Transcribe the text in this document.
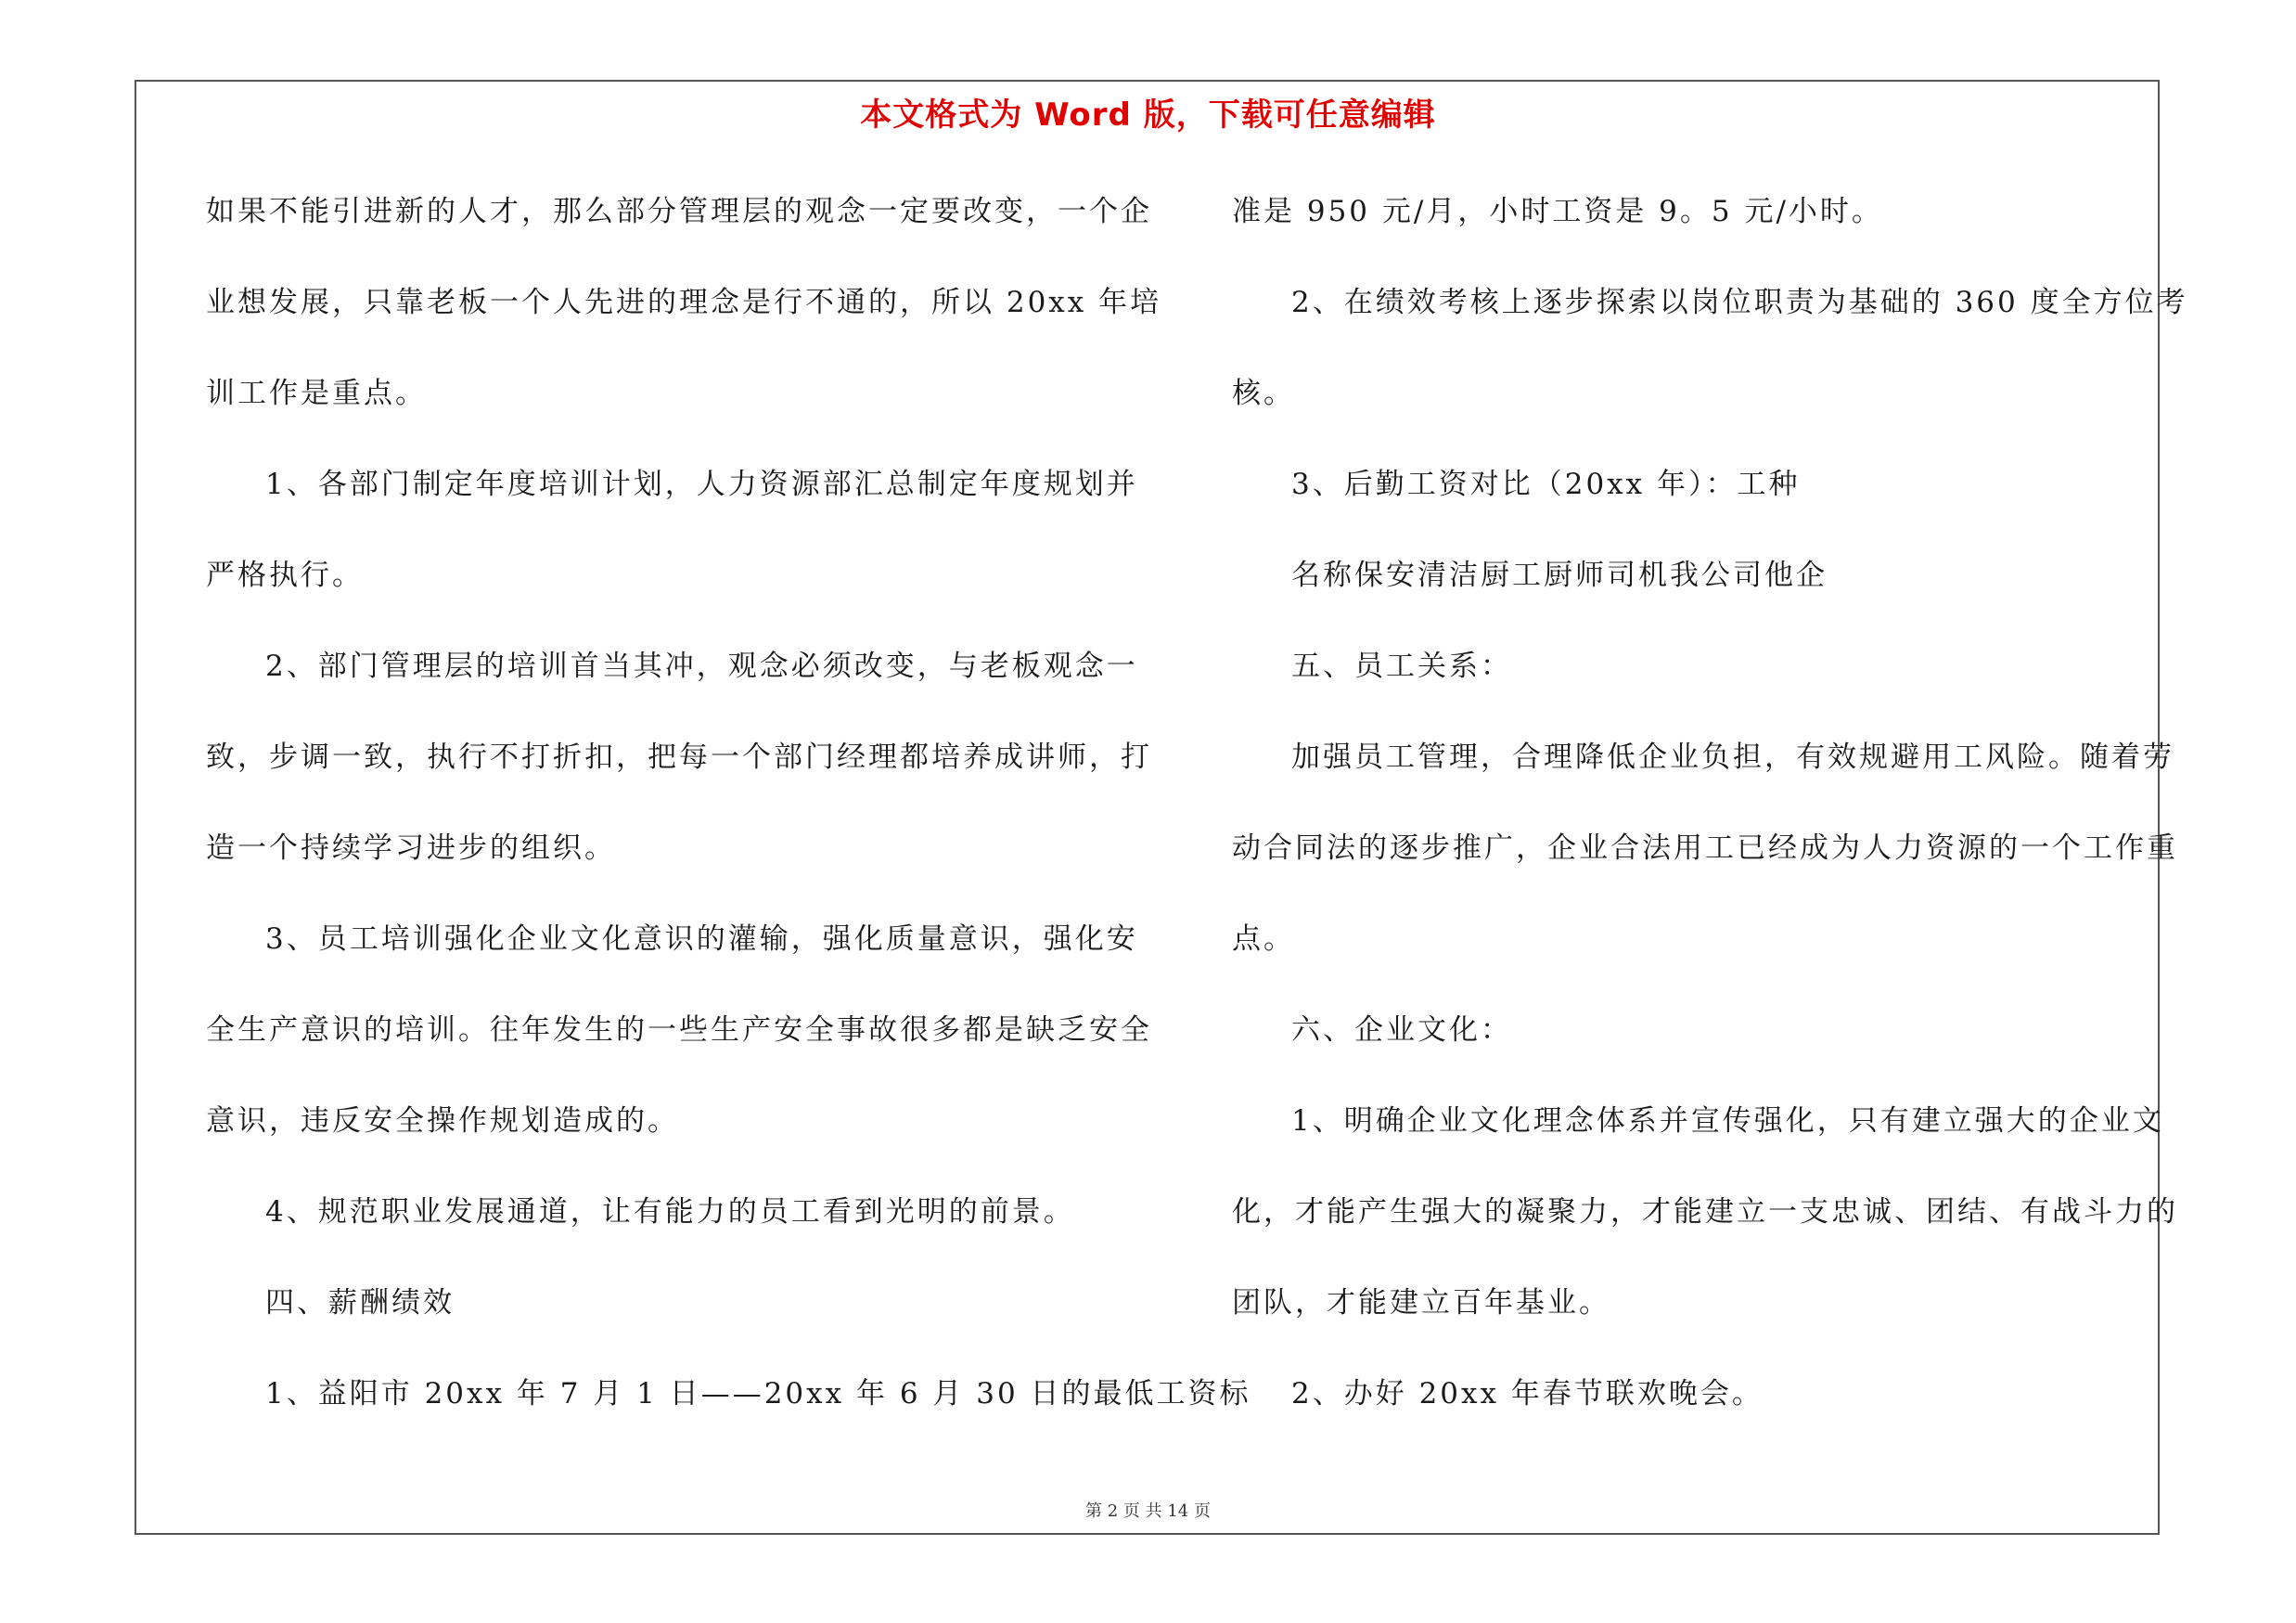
本文格式为 Word 版，下载可任意编辑
如果不能引进新的人才，那么部分管理层的观念一定要改变，一个企
业想发展，只靠老板一个人先进的理念是行不通的，所以 20xx 年培
训工作是重点。
1、各部门制定年度培训计划，人力资源部汇总制定年度规划并
严格执行。
2、部门管理层的培训首当其冲，观念必须改变，与老板观念一
致，步调一致，执行不打折扣，把每一个部门经理都培养成讲师，打
造一个持续学习进步的组织。
3、员工培训强化企业文化意识的灌输，强化质量意识，强化安
全生产意识的培训。往年发生的一些生产安全事故很多都是缺乏安全
意识，违反安全操作规划造成的。
4、规范职业发展通道，让有能力的员工看到光明的前景。
四、薪酬绩效
1、益阳市 20xx 年 7 月 1 日——20xx 年 6 月 30 日的最低工资标
准是 950 元/月，小时工资是 9。5 元/小时。
2、在绩效考核上逐步探索以岗位职责为基础的 360 度全方位考
核。
3、后勤工资对比（20xx 年）：工种
名称保安清洁厨工厨师司机我公司他企
五、员工关系：
加强员工管理，合理降低企业负担，有效规避用工风险。随着劳
动合同法的逐步推广，企业合法用工已经成为人力资源的一个工作重
点。
六、企业文化：
1、明确企业文化理念体系并宣传强化，只有建立强大的企业文
化，才能产生强大的凝聚力，才能建立一支忠诚、团结、有战斗力的
团队，才能建立百年基业。
2、办好 20xx 年春节联欢晚会。
第 2 页 共 14 页
